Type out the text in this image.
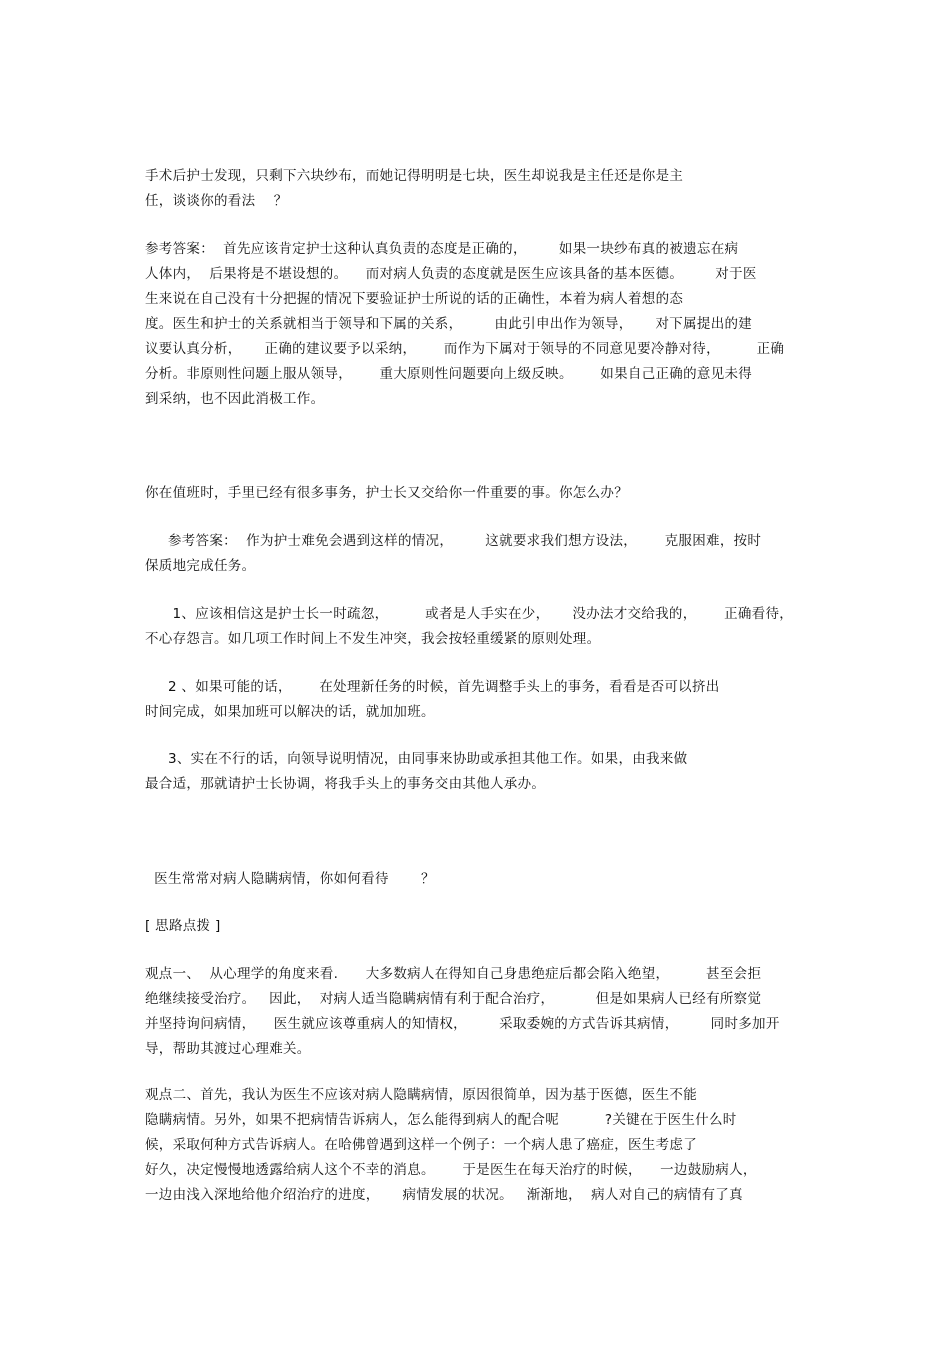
手术后护士发现，只剩下六块纱布，而她记得明明是七块，医生却说我是主任还是你是主
任，谈谈你的看法　 ？
参考答案：  首先应该肯定护士这种认真负责的态度是正确的，       如果一块纱布真的被遗忘在病
人体内，  后果将是不堪设想的。    而对病人负责的态度就是医生应该具备的基本医德。       对于医
生来说在自己没有十分把握的情况下要验证护士所说的话的正确性，本着为病人着想的态
度。医生和护士的关系就相当于领导和下属的关系，       由此引申出作为领导，     对下属提出的建
议要认真分析，     正确的建议要予以采纳，      而作为下属对于领导的不同意见要冷静对待，        正确
分析。非原则性问题上服从领导，      重大原则性问题要向上级反映。      如果自己正确的意见未得
到采纳，也不因此消极工作。
你在值班时，手里已经有很多事务，护士长又交给你一件重要的事。你怎么办？
参考答案：  作为护士难免会遇到这样的情况，       这就要求我们想方设法，      克服困难，按时
保质地完成任务。
1、应该相信这是护士长一时疏忽，        或者是人手实在少，     没办法才交给我的，      正确看待，
不心存怨言。如几项工作时间上不发生冲突，我会按轻重缓紧的原则处理。
2 、如果可能的话，      在处理新任务的时候，首先调整手头上的事务，看看是否可以挤出
时间完成，如果加班可以解决的话，就加加班。
3、实在不行的话，向领导说明情况，由同事来协助或承担其他工作。如果，由我来做
最合适，那就请护士长协调，将我手头上的事务交由其他人承办。
医生常常对病人隐瞒病情，你如何看待　　 ？
[ 思路点拨 ]
观点一、  从心理学的角度来看.      大多数病人在得知自己身患绝症后都会陷入绝望，        甚至会拒
绝继续接受治疗。   因此，  对病人适当隐瞒病情有利于配合治疗，         但是如果病人已经有所察觉
并坚持询问病情，    医生就应该尊重病人的知情权，       采取委婉的方式告诉其病情，       同时多加开
导，帮助其渡过心理难关。
观点二、首先，我认为医生不应该对病人隐瞒病情，原因很简单，因为基于医德，医生不能
隐瞒病情。另外，如果不把病情告诉病人，怎么能得到病人的配合呢          ?关键在于医生什么时
候，采取何种方式告诉病人。在哈佛曾遇到这样一个例子：一个病人患了癌症，医生考虑了
好久，决定慢慢地透露给病人这个不幸的消息。      于是医生在每天治疗的时候，    一边鼓励病人，
一边由浅入深地给他介绍治疗的进度，     病情发展的状况。   渐渐地，  病人对自己的病情有了真
